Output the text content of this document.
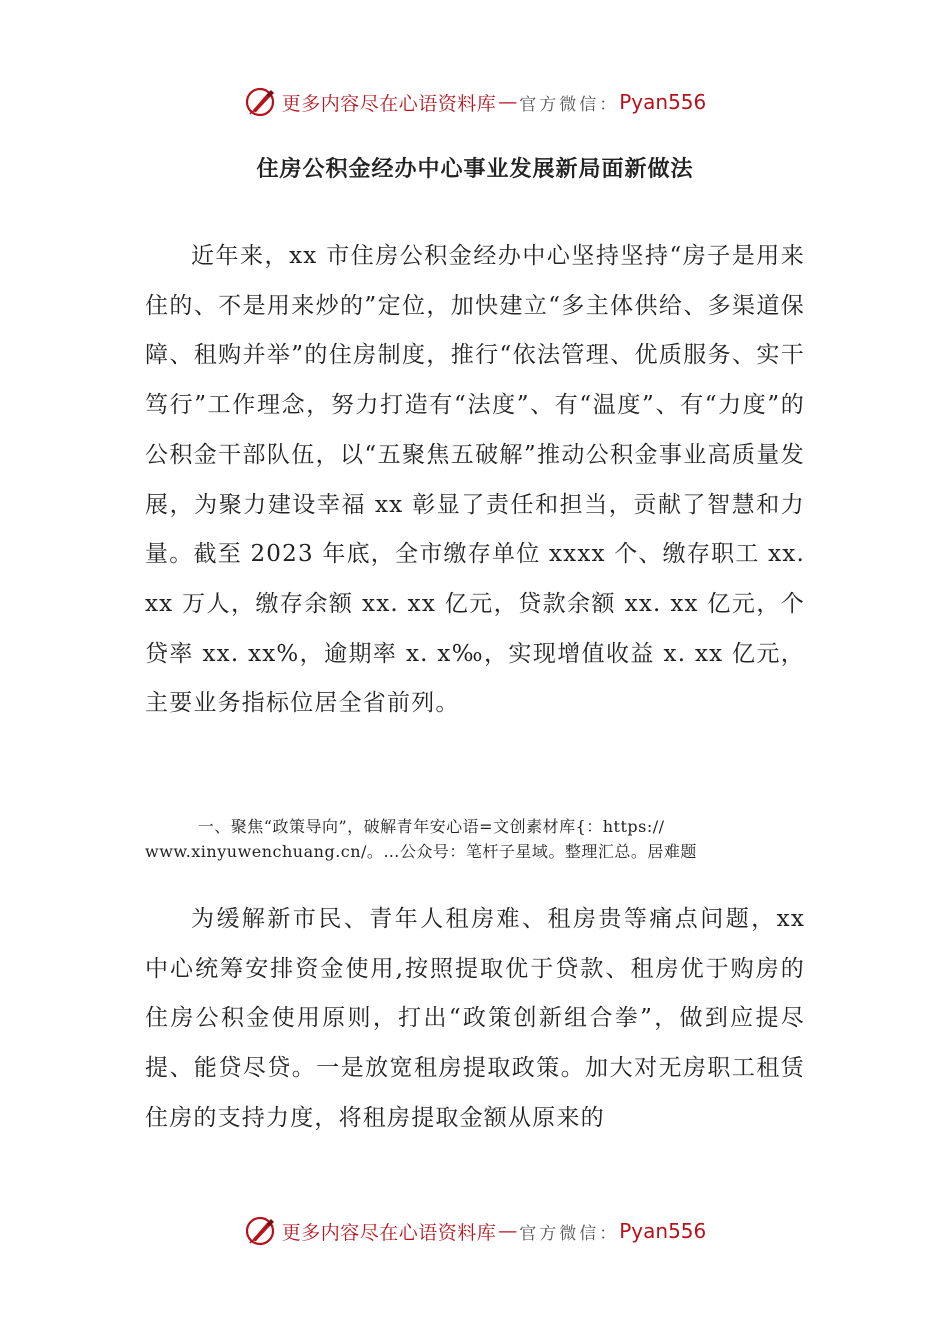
更多内容尽在心语资料库 — 官方微信： Pyan556
住房公积金经办中心事业发展新局面新做法

近年来，xx 市住房公积金经办中心坚持坚持“房子是用来住的、不是用来炒的”定位，加快建立“多主体供给、多渠道保障、租购并举”的住房制度，推行“依法管理、优质服务、实干笃行”工作理念，努力打造有“法度”、有“温度”、有“力度”的公积金干部队伍，以“五聚焦五破解”推动公积金事业高质量发展，为聚力建设幸福 xx 彰显了责任和担当，贡献了智慧和力量。截至 2023 年底，全市缴存单位 xxxx 个、缴存职工 xx. xx 万人，缴存余额 xx. xx 亿元，贷款余额 xx. xx 亿元，个贷率 xx. xx%，逾期率 x. x‰，实现增值收益 x. xx 亿元，主要业务指标位居全省前列。

一、聚焦“政策导向”，破解青年安心语=文创素材库{：https:// www.xinyuwenchuang.cn/。…公众号：笔杆子星域。整理汇总。居难题

为缓解新市民、青年人租房难、租房贵等痛点问题，xx 中心统筹安排资金使用,按照提取优于贷款、租房优于购房的住房公积金使用原则，打出“政策创新组合拳”，做到应提尽提、能贷尽贷。一是放宽租房提取政策。加大对无房职工租赁住房的支持力度，将租房提取金额从原来的

更多内容尽在心语资料库 — 官方微信： Pyan556
